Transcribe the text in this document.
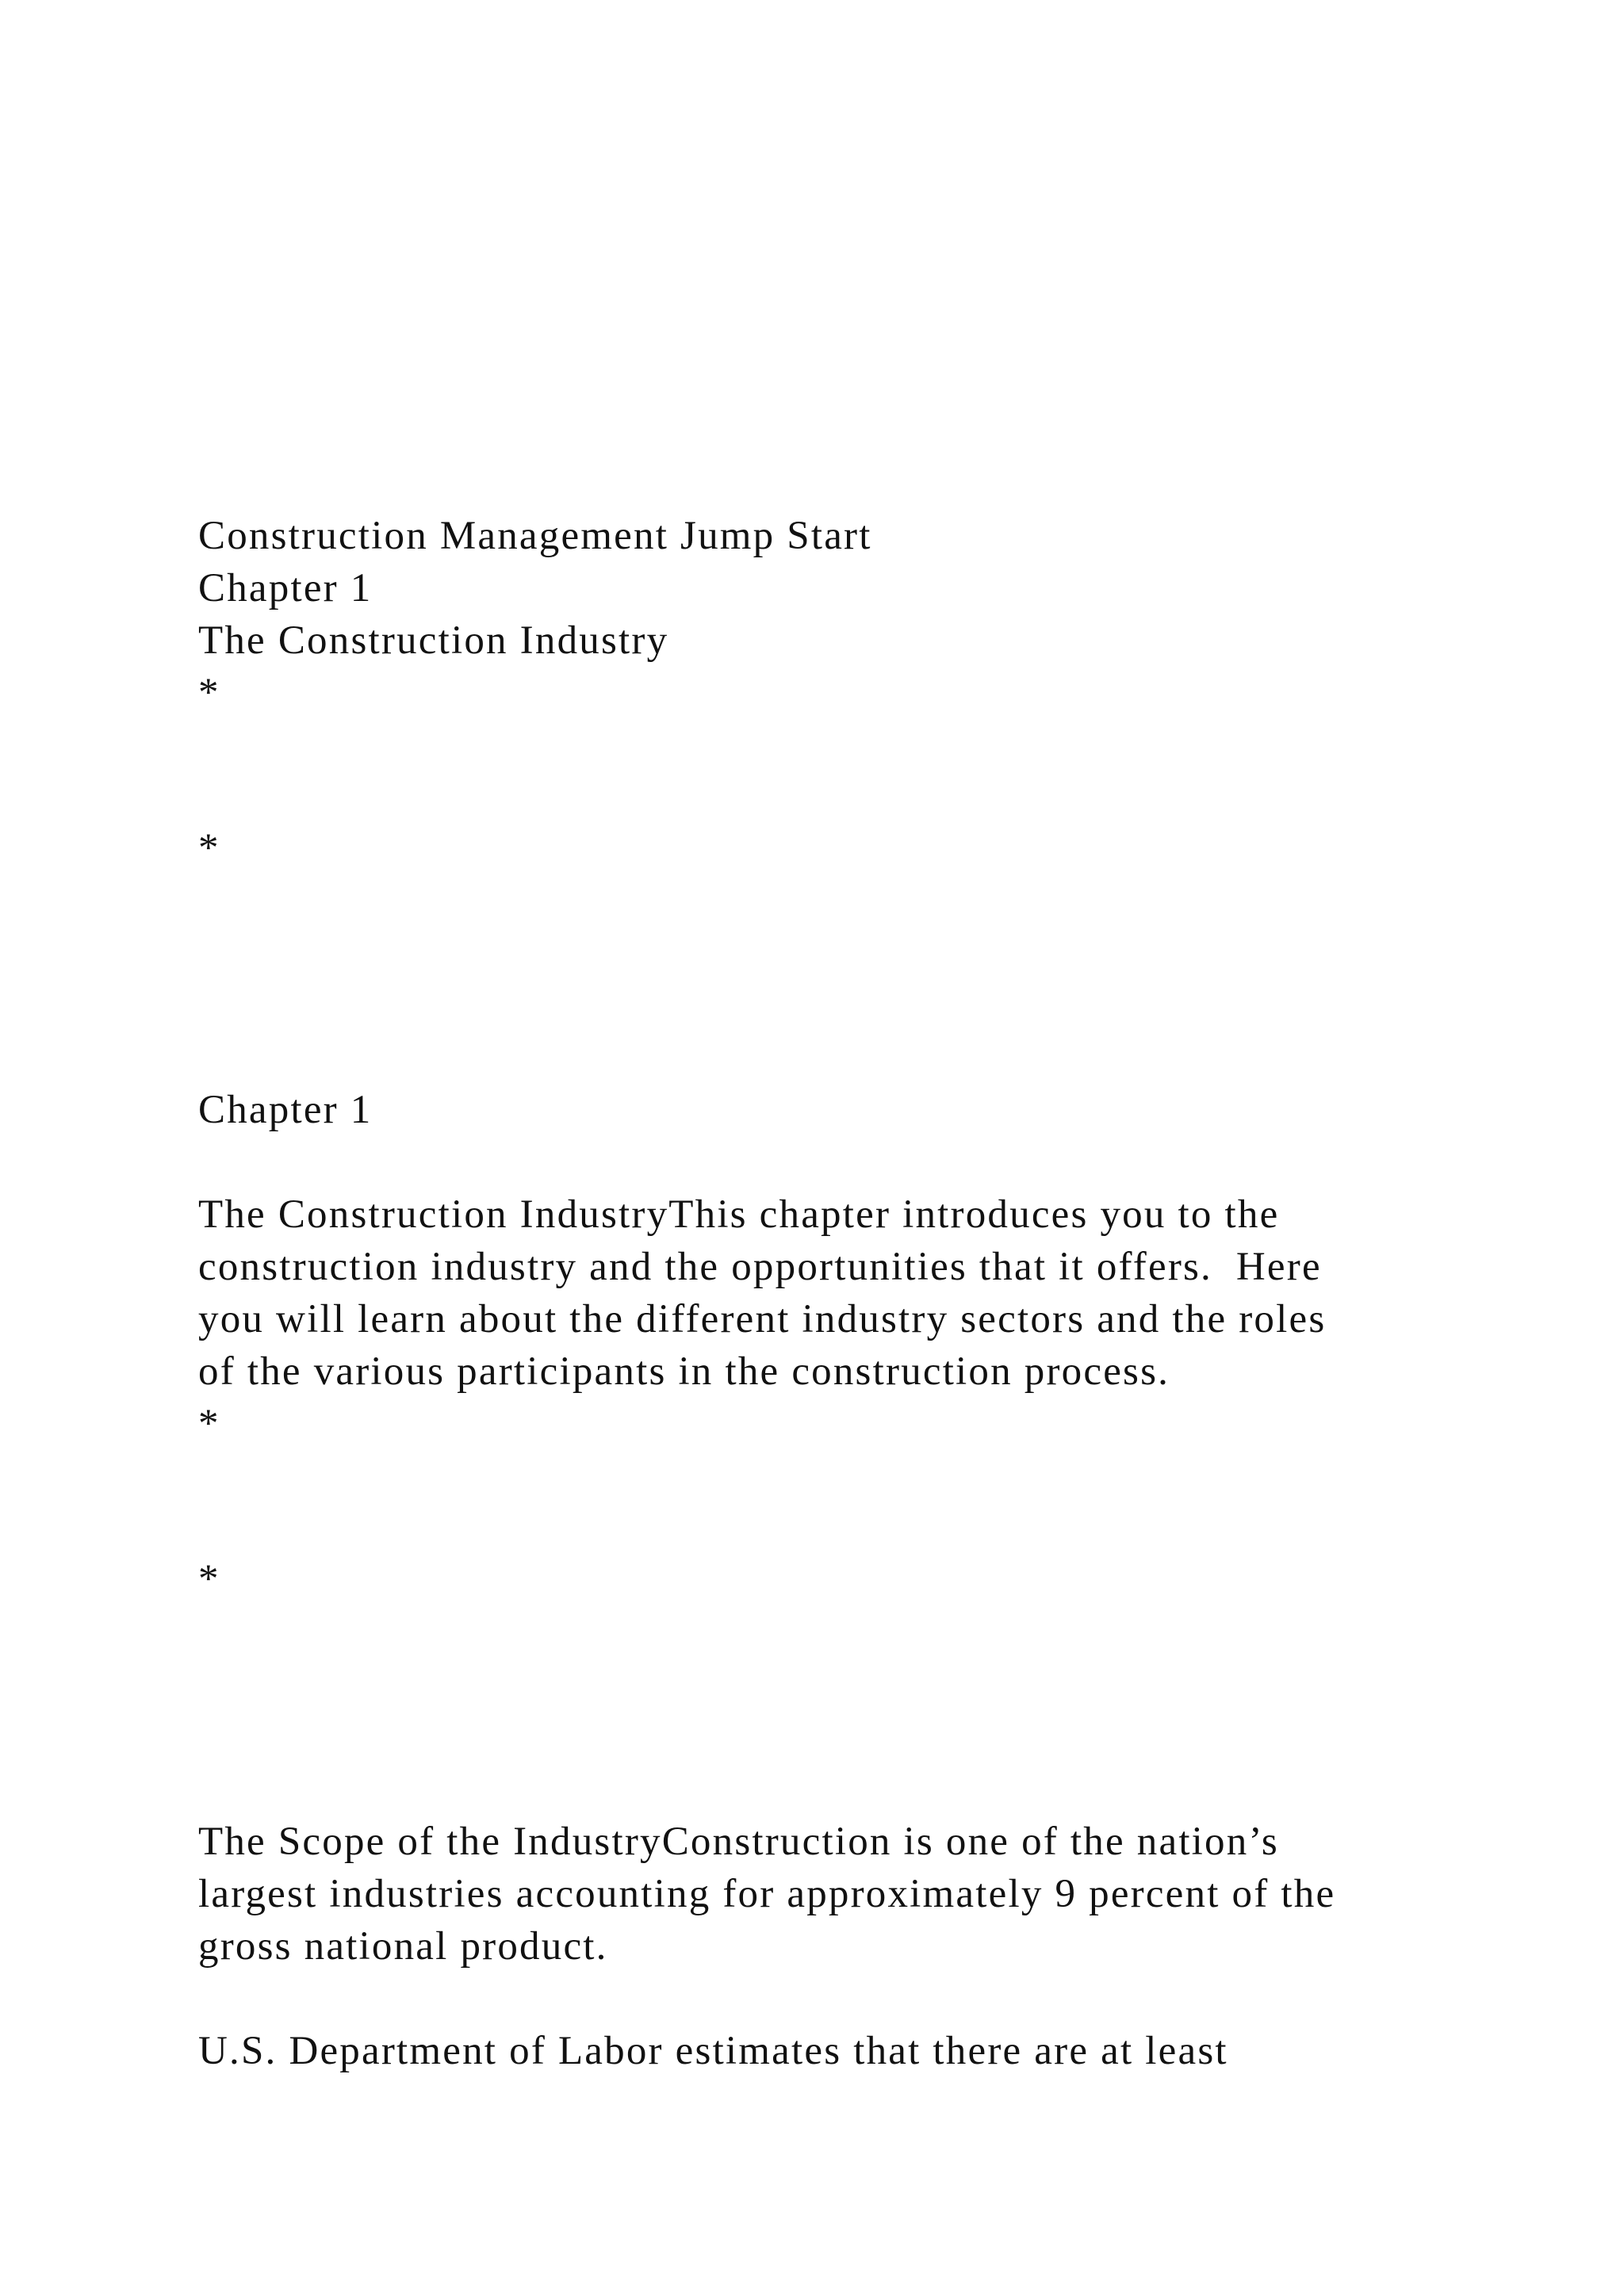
Construction Management Jump Start

Chapter 1

The Construction Industry

*

*

Chapter 1

The Construction IndustryThis chapter introduces you to the

construction industry and the opportunities that it offers.  Here

you will learn about the different industry sectors and the roles

of the various participants in the construction process.

*

*

The Scope of the IndustryConstruction is one of the nation’s

largest industries accounting for approximately 9 percent of the

gross national product.

U.S. Department of Labor estimates that there are at least
